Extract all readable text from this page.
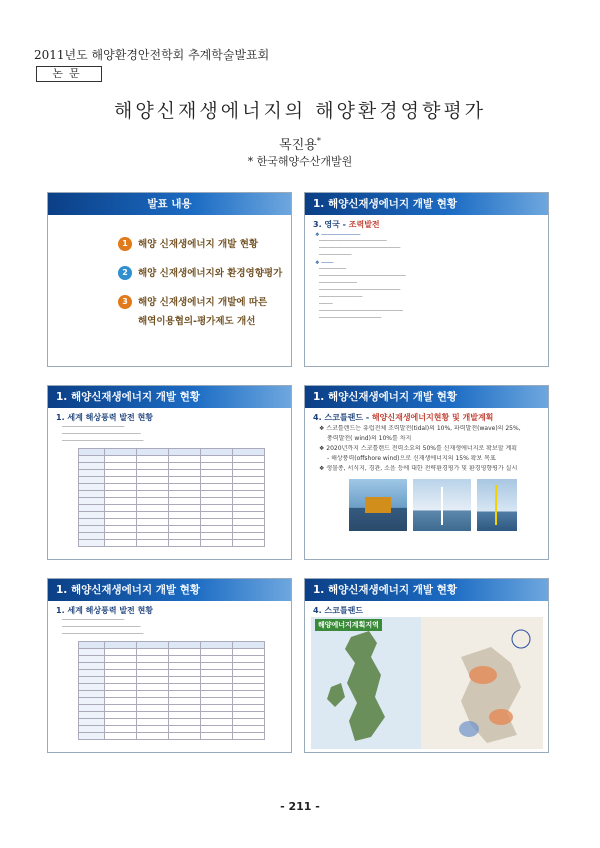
2011년도 해양환경안전학회 추계학술발표회
논문
해양신재생에너지의 해양환경영향평가
목진용*
* 한국해양수산개발원
발표 내용
1	해양 신재생에너지 개발 현황
2	해양 신재생에너지와 환경영향평가
3	해양 신재생에너지 개발에 따른
해역이용협의-평가제도 개선
1. 해양신재생에너지 개발 현황
3. 영국 - 조력발전
❖ ─────────────
─────────────────────────
──────────────────────────────
────────────
❖ ────
──────────
────────────────────────────────
──────────────
──────────────────────────────
────────────────
─────
───────────────────────────────
───────────────────────
1. 해양신재생에너지 개발 현황
1. 세계 해상풍력 발전 현황
───────────────────────
─────────────────────────────
──────────────────────────────

1. 해양신재생에너지 개발 현황
4. 스코틀랜드 - 해양신재생에너지현황 및 개발계획
❖ 스코틀랜드는 유럽전체 조력발전(tidal)의 10%, 파력발전(wave)의 25%,
풍력발전( wind)의 10%를 차지
❖ 2020년까지 스코틀랜드 전력소요의 50%를 신재생에너지로 확보할 계획
- 해상풍력(offshore wind)으로 신재생에너지의 15% 확보 목표
❖ 생물종, 서식지, 경관, 소음 등에 대한 전략환경평가 및 환경영향평가 실시
1. 해양신재생에너지 개발 현황
1. 세계 해상풍력 발전 현황
───────────────────────
─────────────────────────────
──────────────────────────────

1. 해양신재생에너지 개발 현황
4. 스코틀랜드
해양에너지계획지역
- 211 -
